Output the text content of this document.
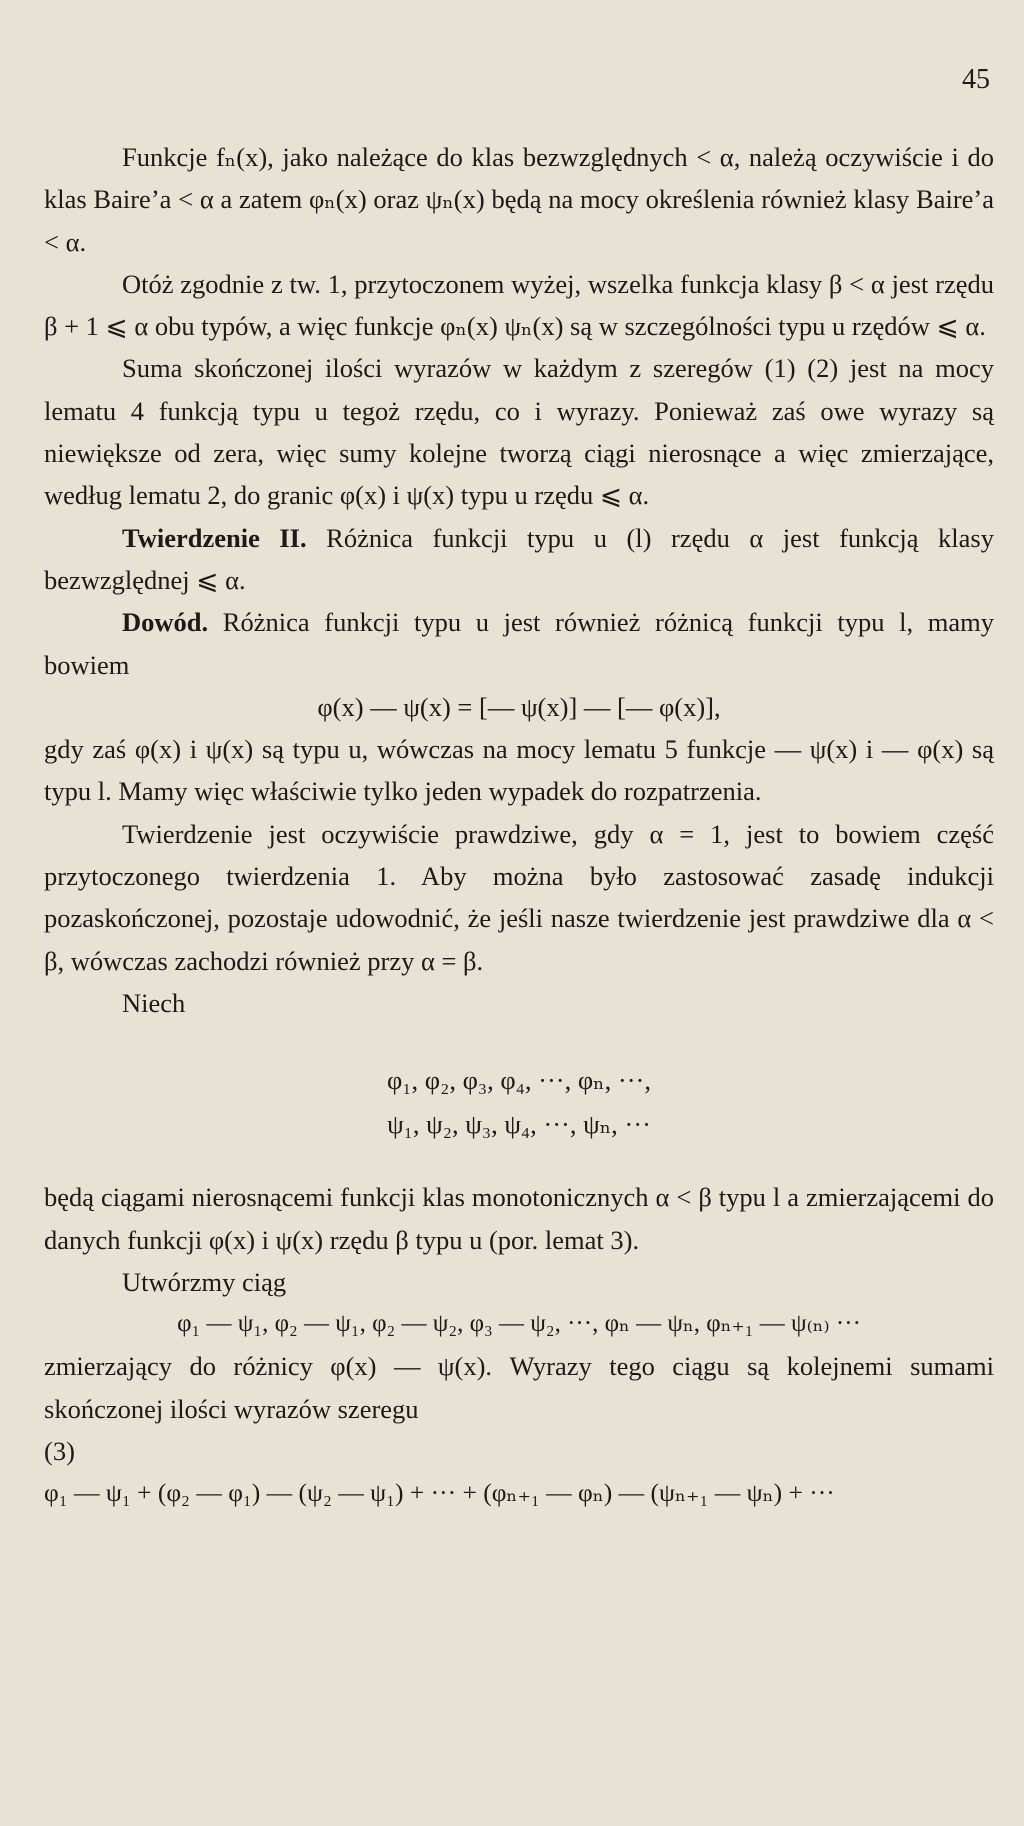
45

Funkcje fₙ(x), jako należące do klas bezwzględnych < α, należą oczywiście i do klas Baire’a < α a zatem φₙ(x) oraz ψₙ(x) będą na mocy określenia również klasy Baire’a < α.

Otóż zgodnie z tw. 1, przytoczonem wyżej, wszelka funkcja klasy β < α jest rzędu β + 1 ⩽ α obu typów, a więc funkcje φₙ(x) ψₙ(x) są w szczególności typu u rzędów ⩽ α.

Suma skończonej ilości wyrazów w każdym z szeregów (1) (2) jest na mocy lematu 4 funkcją typu u tegoż rzędu, co i wyrazy. Ponieważ zaś owe wyrazy są niewiększe od zera, więc sumy kolejne tworzą ciągi nierosnące a więc zmierzające, według lematu 2, do granic φ(x) i ψ(x) typu u rzędu ⩽ α.

Twierdzenie II. Różnica funkcji typu u (l) rzędu α jest funkcją klasy bezwzględnej ⩽ α.

Dowód. Różnica funkcji typu u jest również różnicą funkcji typu l, mamy bowiem

φ(x) — ψ(x) = [— ψ(x)] — [— φ(x)],

gdy zaś φ(x) i ψ(x) są typu u, wówczas na mocy lematu 5 funkcje — ψ(x) i — φ(x) są typu l. Mamy więc właściwie tylko jeden wypadek do rozpatrzenia.

Twierdzenie jest oczywiście prawdziwe, gdy α = 1, jest to bowiem część przytoczonego twierdzenia 1. Aby można było zastosować zasadę indukcji pozaskończonej, pozostaje udowodnić, że jeśli nasze twierdzenie jest prawdziwe dla α < β, wówczas zachodzi również przy α = β.

Niech

φ₁, φ₂, φ₃, φ₄, ···, φₙ, ···,
ψ₁, ψ₂, ψ₃, ψ₄, ···, ψₙ, ···

będą ciągami nierosnącemi funkcji klas monotonicznych α < β typu l a zmierzającemi do danych funkcji φ(x) i ψ(x) rzędu β typu u (por. lemat 3).

Utwórzmy ciąg

φ₁ — ψ₁, φ₂ — ψ₁, φ₂ — ψ₂, φ₃ — ψ₂, ···, φₙ — ψₙ, φₙ₊₁ — ψ₍ₙ₎ ···

zmierzający do różnicy φ(x) — ψ(x). Wyrazy tego ciągu są kolejnemi sumami skończonej ilości wyrazów szeregu

(3)

φ₁ — ψ₁ + (φ₂ — φ₁) — (ψ₂ — ψ₁) + ··· + (φₙ₊₁ — φₙ) — (ψₙ₊₁ — ψₙ) + ···
